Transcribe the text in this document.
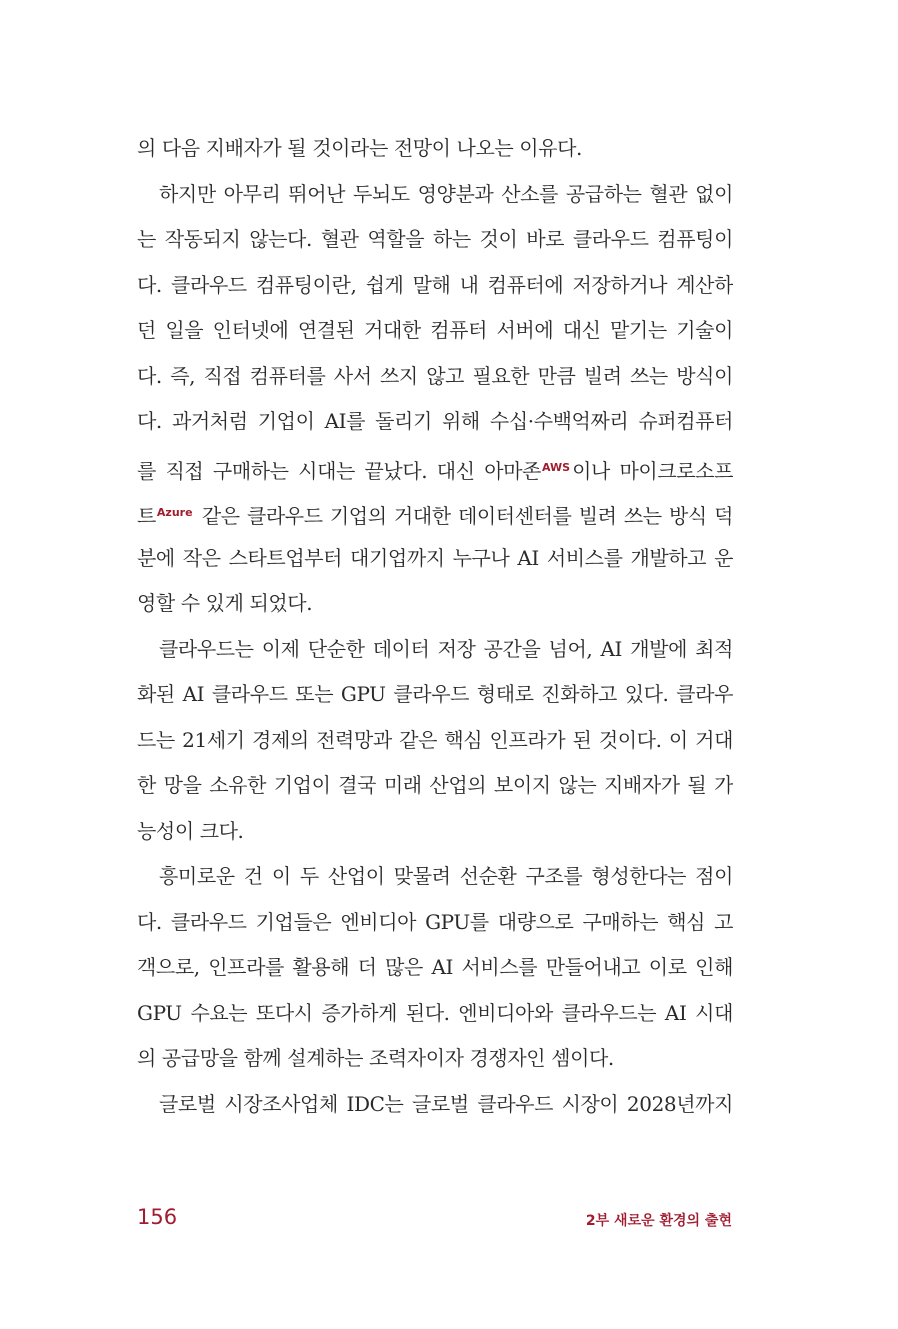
의 다음 지배자가 될 것이라는 전망이 나오는 이유다.
하지만 아무리 뛰어난 두뇌도 영양분과 산소를 공급하는 혈관 없이
는 작동되지 않는다. 혈관 역할을 하는 것이 바로 클라우드 컴퓨팅이
다. 클라우드 컴퓨팅이란, 쉽게 말해 내 컴퓨터에 저장하거나 계산하
던 일을 인터넷에 연결된 거대한 컴퓨터 서버에 대신 맡기는 기술이
다. 즉, 직접 컴퓨터를 사서 쓰지 않고 필요한 만큼 빌려 쓰는 방식이
다. 과거처럼 기업이 AI를 돌리기 위해 수십·수백억짜리 슈퍼컴퓨터
를 직접 구매하는 시대는 끝났다. 대신 아마존$^{AWS}$ 이나 마이크로소프
트$^{Azure}$ 같은 클라우드 기업의 거대한 데이터센터를 빌려 쓰는 방식 덕
분에 작은 스타트업부터 대기업까지 누구나 AI 서비스를 개발하고 운
영할 수 있게 되었다.
클라우드는 이제 단순한 데이터 저장 공간을 넘어, AI 개발에 최적
화된 AI 클라우드 또는 GPU 클라우드 형태로 진화하고 있다. 클라우
드는 21세기 경제의 전력망과 같은 핵심 인프라가 된 것이다. 이 거대
한 망을 소유한 기업이 결국 미래 산업의 보이지 않는 지배자가 될 가
능성이 크다.
흥미로운 건 이 두 산업이 맞물려 선순환 구조를 형성한다는 점이
다. 클라우드 기업들은 엔비디아 GPU를 대량으로 구매하는 핵심 고
객으로, 인프라를 활용해 더 많은 AI 서비스를 만들어내고 이로 인해
GPU 수요는 또다시 증가하게 된다. 엔비디아와 클라우드는 AI 시대
의 공급망을 함께 설계하는 조력자이자 경쟁자인 셈이다.
글로벌 시장조사업체 IDC는 글로벌 클라우드 시장이 2028년까지
156	2부 새로운 환경의 출현
